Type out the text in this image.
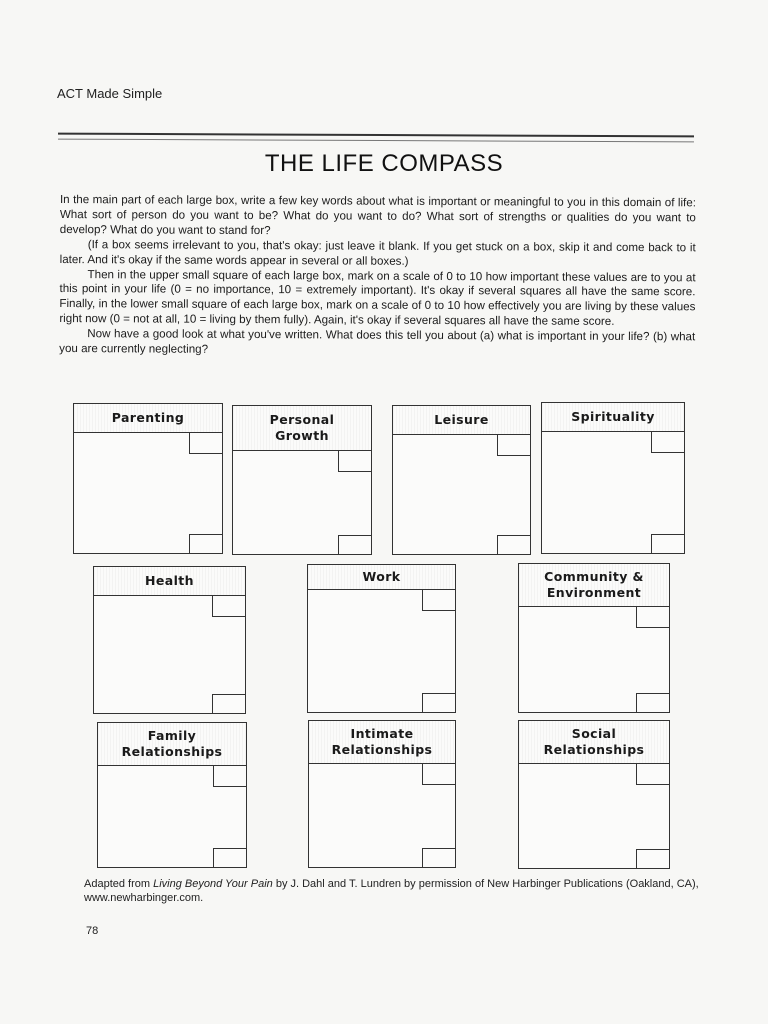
ACT Made Simple
THE LIFE COMPASS

In the main part of each large box, write a few key words about what is important or meaningful to you in this domain of life: What sort of person do you want to be? What do you want to do? What sort of strengths or qualities do you want to develop? What do you want to stand for?

(If a box seems irrelevant to you, that's okay: just leave it blank. If you get stuck on a box, skip it and come back to it later. And it's okay if the same words appear in several or all boxes.)

Then in the upper small square of each large box, mark on a scale of 0 to 10 how important these values are to you at this point in your life (0 = no importance, 10 = extremely important). It's okay if several squares all have the same score. Finally, in the lower small square of each large box, mark on a scale of 0 to 10 how effectively you are living by these values right now (0 = not at all, 10 = living by them fully). Again, it's okay if several squares all have the same score.

Now have a good look at what you've written. What does this tell you about (a) what is important in your life? (b) what you are currently neglecting?

Parenting	Personal Growth
Leisure	Spirituality
Health	Work	Community & Environment
Family Relationships
Intimate Relationships
Social Relationships
Adapted from Living Beyond Your Pain by J. Dahl and T. Lundren by permission of New Harbinger Publications (Oakland, CA), www.newharbinger.com.
78
